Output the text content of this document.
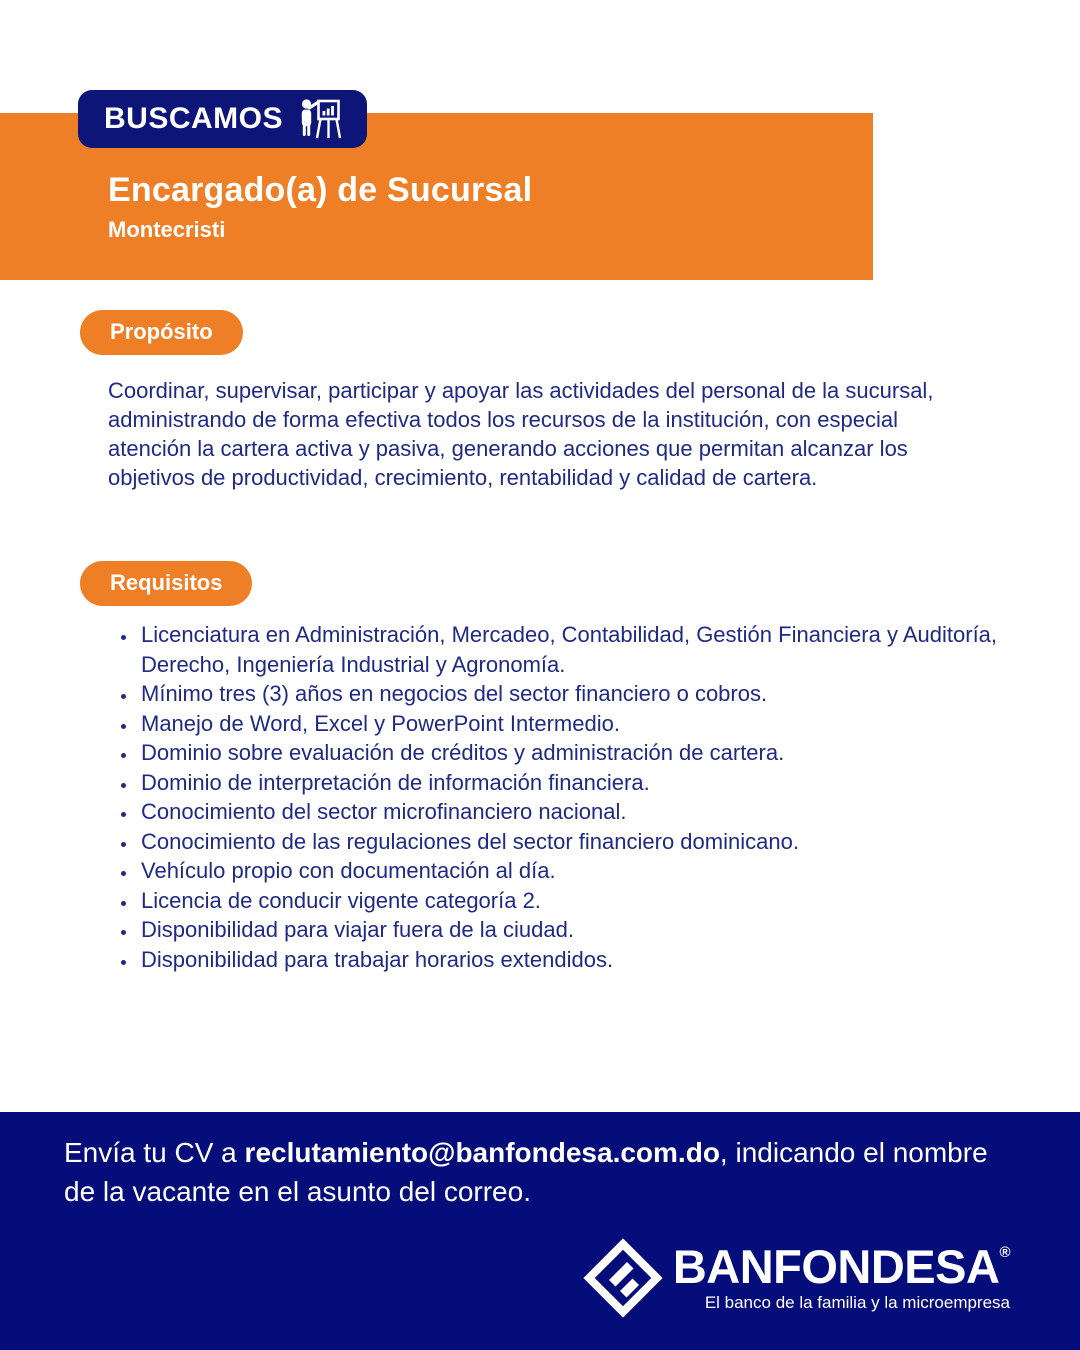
Encargado(a) de Sucursal
Montecristi
BUSCAMOS
Propósito
Coordinar, supervisar, participar y apoyar las actividades del personal de la sucursal, administrando de forma efectiva todos los recursos de la institución, con especial atención la cartera activa y pasiva, generando acciones que permitan alcanzar los objetivos de productividad, crecimiento, rentabilidad y calidad de cartera.
Requisitos
• Licenciatura en Administración, Mercadeo, Contabilidad, Gestión Financiera y Auditoría, Derecho, Ingeniería Industrial y Agronomía.
• Mínimo tres (3) años en negocios del sector financiero o cobros.
• Manejo de Word, Excel y PowerPoint Intermedio.
• Dominio sobre evaluación de créditos y administración de cartera.
• Dominio de interpretación de información financiera.
• Conocimiento del sector microfinanciero nacional.
• Conocimiento de las regulaciones del sector financiero dominicano.
• Vehículo propio con documentación al día.
• Licencia de conducir vigente categoría 2.
• Disponibilidad para viajar fuera de la ciudad.
• Disponibilidad para trabajar horarios extendidos.
Envía tu CV a reclutamiento@banfondesa.com.do, indicando el nombre de la vacante en el asunto del correo.
BANFONDESA®
El banco de la familia y la microempresa
